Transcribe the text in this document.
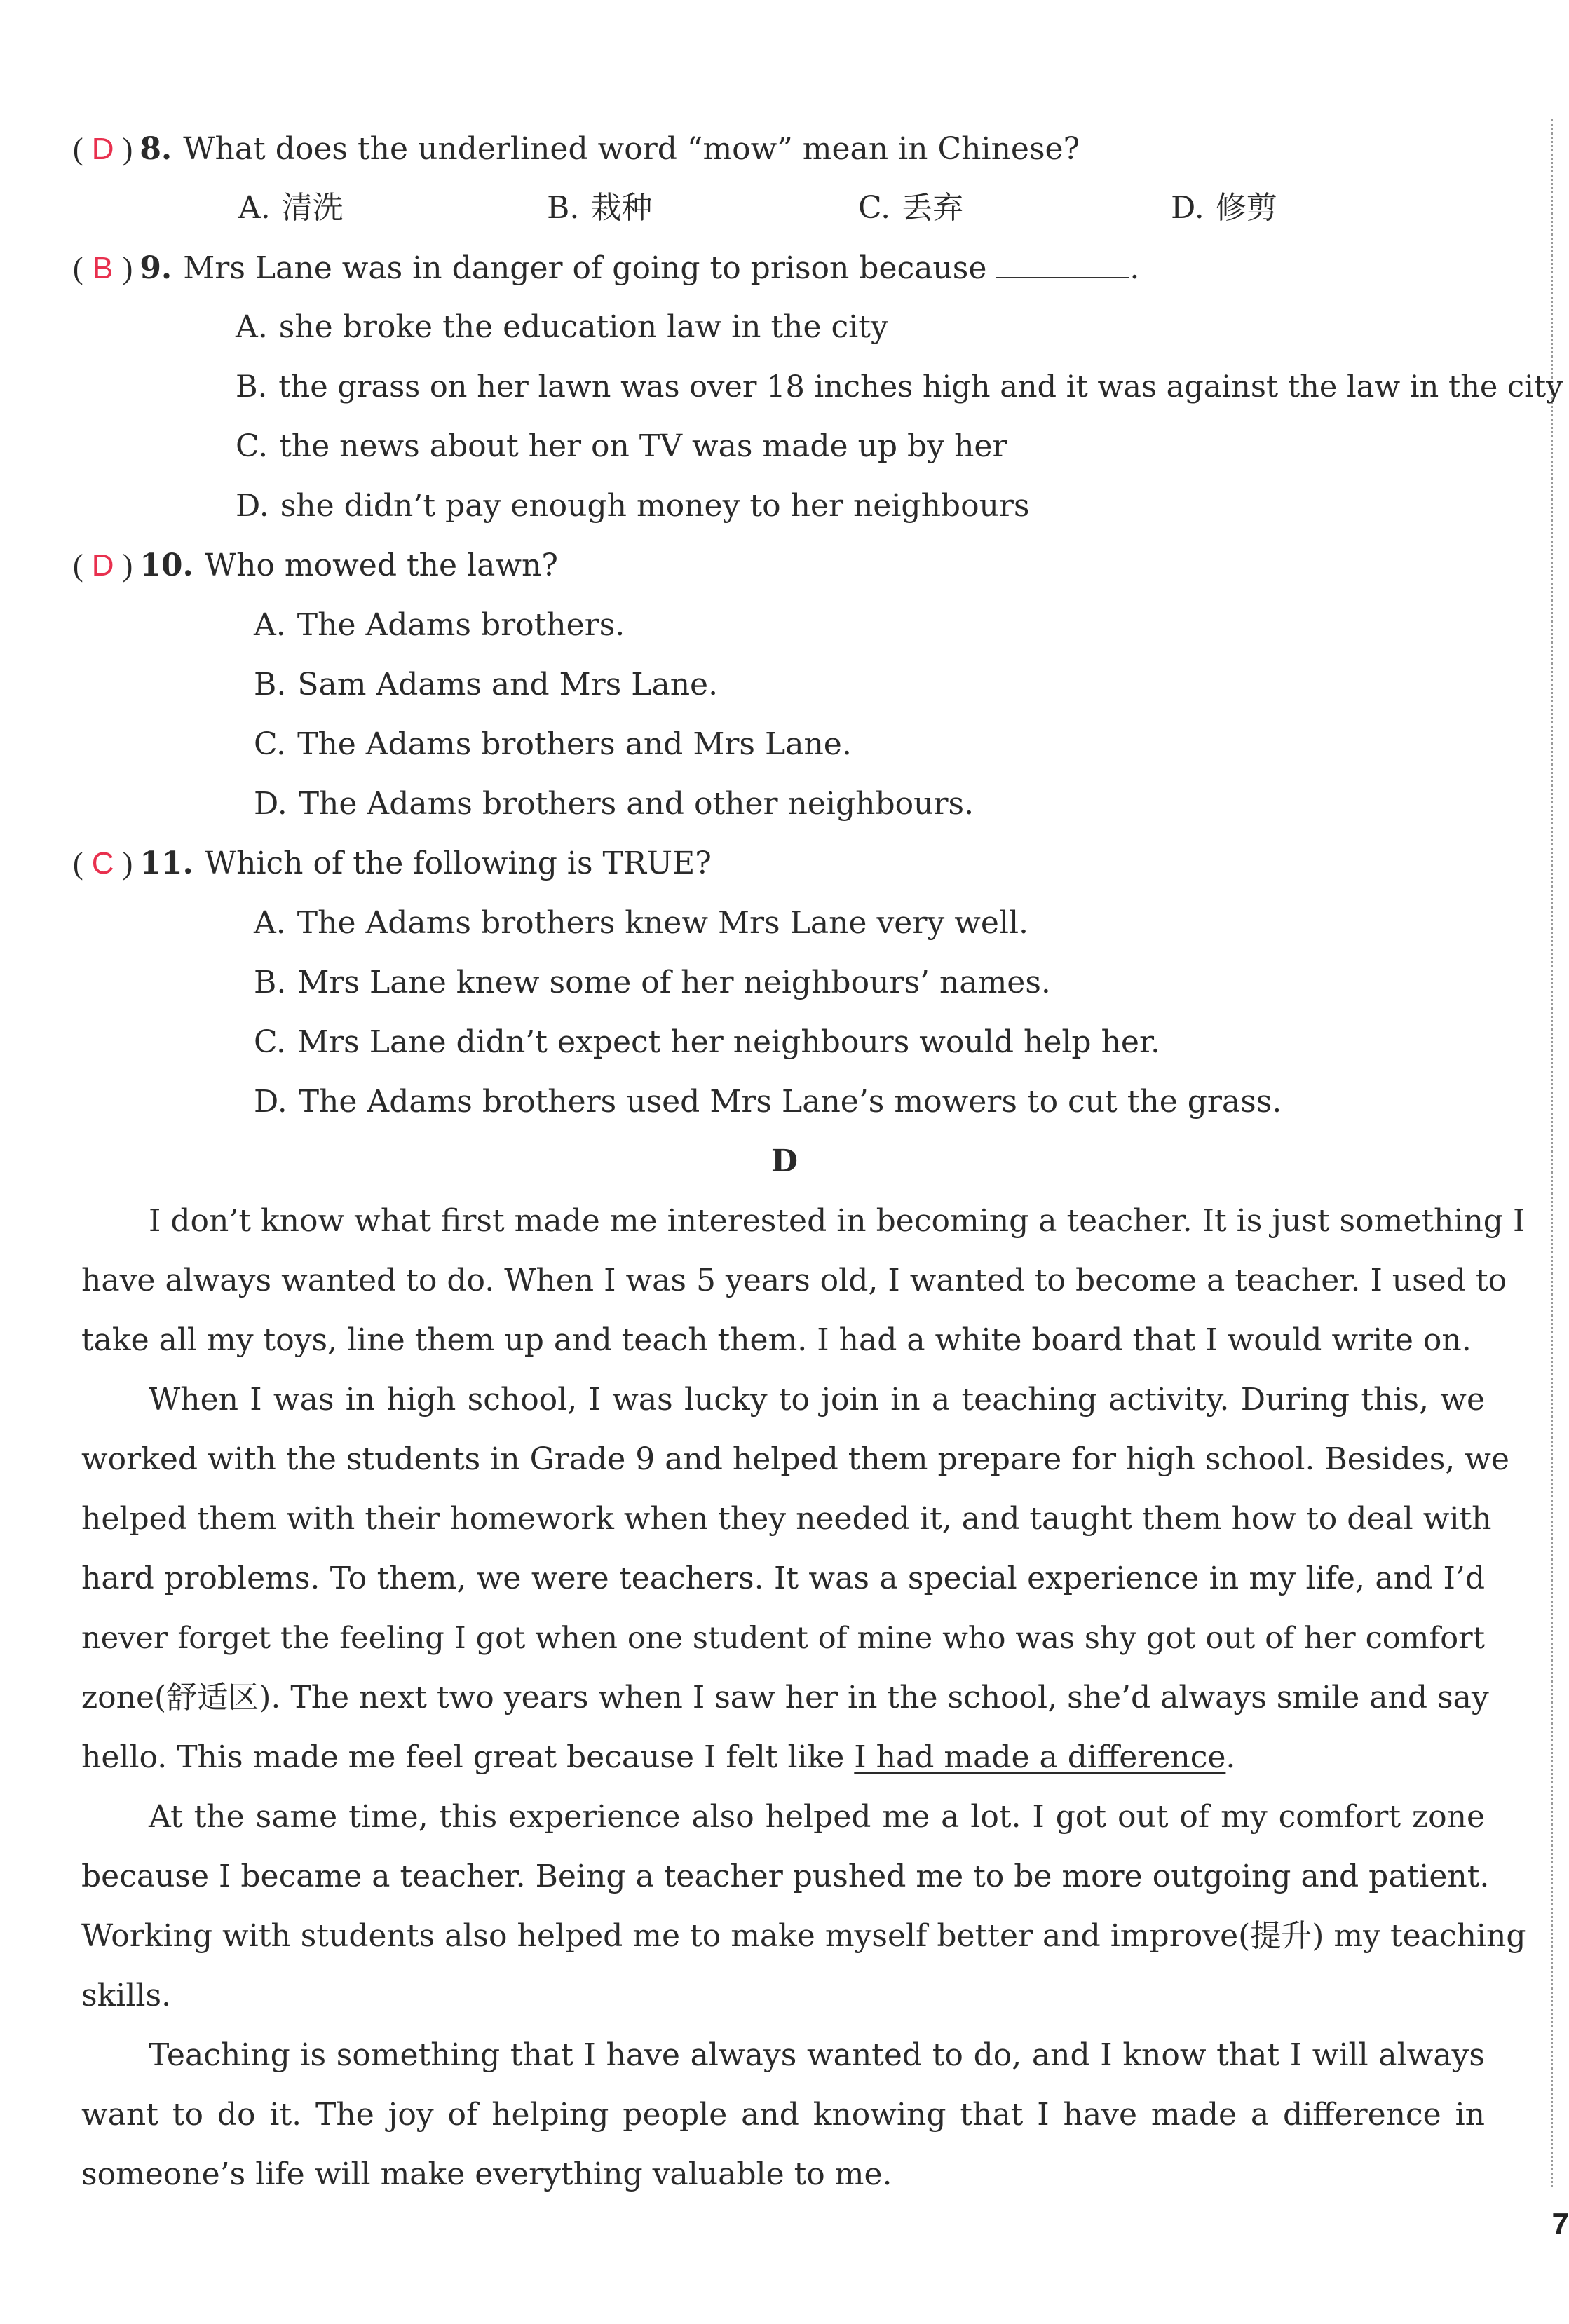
( D ) 8. What does the underlined word “mow” mean in Chinese?
A. 清洗	B. 栽种	C. 丢弃	D. 修剪
( B ) 9. Mrs Lane was in danger of going to prison because	.
A. she broke the education law in the city
B. the grass on her lawn was over 18 inches high and it was against the law in the city
C. the news about her on TV was made up by her
D. she didn’t pay enough money to her neighbours
( D ) 10. Who mowed the lawn?
A. The Adams brothers.
B. Sam Adams and Mrs Lane.
C. The Adams brothers and Mrs Lane.
D. The Adams brothers and other neighbours.
( C ) 11. Which of the following is TRUE?
A. The Adams brothers knew Mrs Lane very well.
B. Mrs Lane knew some of her neighbours’ names.
C. Mrs Lane didn’t expect her neighbours would help her.
D. The Adams brothers used Mrs Lane’s mowers to cut the grass.
D
I don’t know what first made me interested in becoming a teacher. It is just something I
have always wanted to do. When I was 5 years old, I wanted to become a teacher. I used to
take all my toys, line them up and teach them. I had a white board that I would write on.
When I was in high school, I was lucky to join in a teaching activity. During this, we
worked with the students in Grade 9 and helped them prepare for high school. Besides, we
helped them with their homework when they needed it, and taught them how to deal with
hard problems. To them, we were teachers. It was a special experience in my life, and I’d
never forget the feeling I got when one student of mine who was shy got out of her comfort
zone(舒适区). The next two years when I saw her in the school, she’d always smile and say
hello. This made me feel great because I felt like I had made a difference.
At the same time, this experience also helped me a lot. I got out of my comfort zone
because I became a teacher. Being a teacher pushed me to be more outgoing and patient.
Working with students also helped me to make myself better and improve(提升) my teaching
skills.
Teaching is something that I have always wanted to do, and I know that I will always
want to do it. The joy of helping people and knowing that I have made a difference in
someone’s life will make everything valuable to me.
7
